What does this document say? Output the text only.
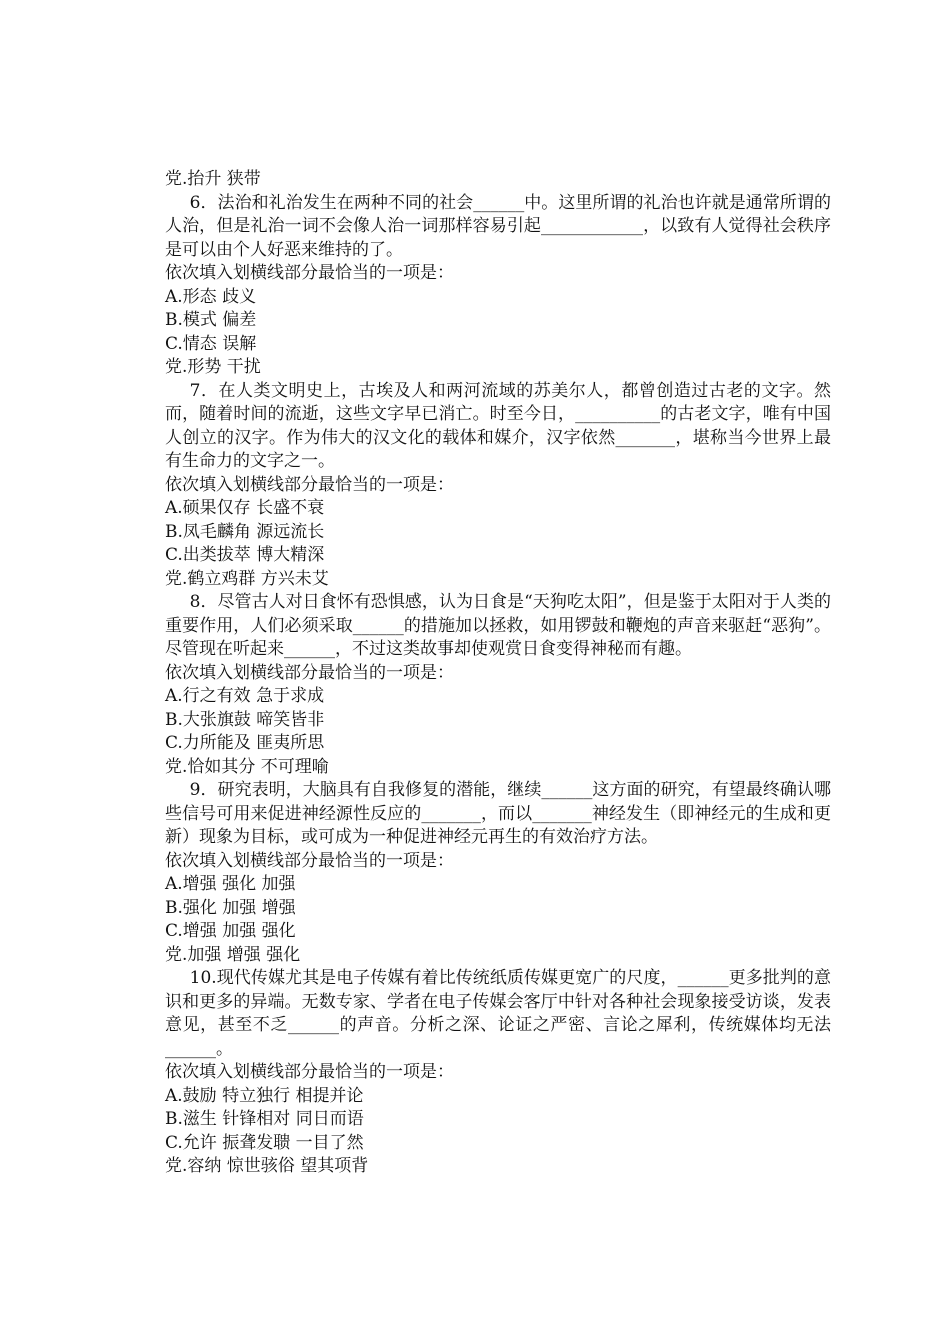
党.抬升 狭带

6．法治和礼治发生在两种不同的社会______中。这里所谓的礼治也许就是通常所谓的人治，但是礼治一词不会像人治一词那样容易引起____________，以致有人觉得社会秩序是可以由个人好恶来维持的了。

依次填入划横线部分最恰当的一项是：

A.形态 歧义

B.模式 偏差

C.情态 误解

党.形势 干扰

7．在人类文明史上，古埃及人和两河流域的苏美尔人，都曾创造过古老的文字。然而，随着时间的流逝，这些文字早已消亡。时至今日，__________的古老文字，唯有中国人创立的汉字。作为伟大的汉文化的载体和媒介，汉字依然_______，堪称当今世界上最有生命力的文字之一。

依次填入划横线部分最恰当的一项是：

A.硕果仅存 长盛不衰

B.凤毛麟角 源远流长

C.出类拔萃 博大精深

党.鹤立鸡群 方兴未艾

8．尽管古人对日食怀有恐惧感，认为日食是“天狗吃太阳”，但是鉴于太阳对于人类的重要作用，人们必须采取______的措施加以拯救，如用锣鼓和鞭炮的声音来驱赶“恶狗”。尽管现在听起来______，不过这类故事却使观赏日食变得神秘而有趣。

依次填入划横线部分最恰当的一项是：

A.行之有效 急于求成

B.大张旗鼓 啼笑皆非

C.力所能及 匪夷所思

党.恰如其分 不可理喻

9．研究表明，大脑具有自我修复的潜能，继续______这方面的研究，有望最终确认哪些信号可用来促进神经源性反应的_______，而以_______神经发生（即神经元的生成和更新）现象为目标，或可成为一种促进神经元再生的有效治疗方法。

依次填入划横线部分最恰当的一项是：

A.增强 强化 加强

B.强化 加强 增强

C.增强 加强 强化

党.加强 增强 强化

10.现代传媒尤其是电子传媒有着比传统纸质传媒更宽广的尺度，______更多批判的意识和更多的异端。无数专家、学者在电子传媒会客厅中针对各种社会现象接受访谈，发表意见，甚至不乏______的声音。分析之深、论证之严密、言论之犀利，传统媒体均无法______。

依次填入划横线部分最恰当的一项是：

A.鼓励 特立独行 相提并论

B.滋生 针锋相对 同日而语

C.允许 振聋发聩 一目了然

党.容纳 惊世骇俗 望其项背
